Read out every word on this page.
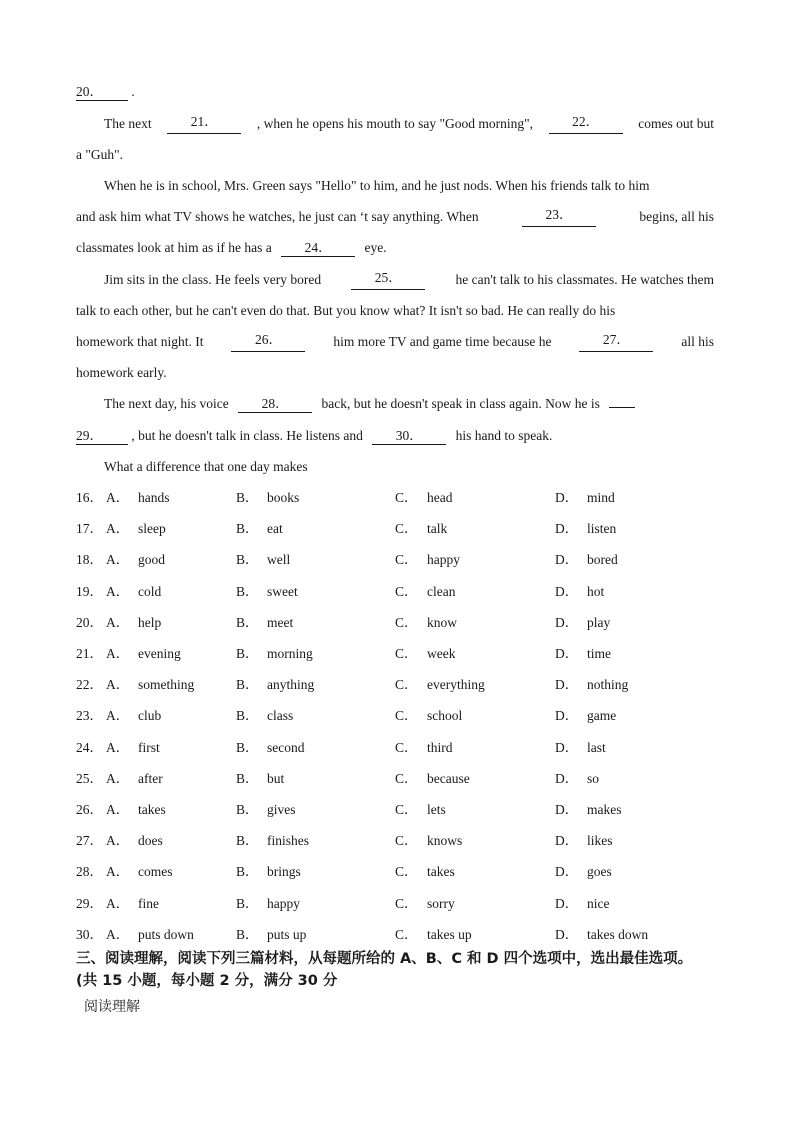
20． .
The next	21．	, when he opens his mouth to say "Good morning",	22．	comes out but
a "Guh".
When he is in school, Mrs. Green says "Hello" to him, and he just nods. When his friends talk to him
and ask him what TV shows he watches, he just can ‘t say anything. When	23．	begins, all his
classmates look at him as if he has a 24． eye.
Jim sits in the class. He feels very bored	25．	he can't talk to his classmates. He watches them
talk to each other, but he can't even do that. But you know what? It isn't so bad. He can really do his
homework that night. It	26．	him more TV and game time because he	27．	all his
homework early.
The next day, his voice 28． back, but he doesn't speak in class again. Now he is
29． , but he doesn't talk in class. He listens and 30． his hand to speak.
What a difference that one day makes
16． A． hands	B． books	C． head	D． mind
17． A． sleep	B． eat	C． talk	D． listen
18． A． good	B． well	C． happy	D． bored
19． A． cold	B． sweet	C． clean	D． hot
20． A． help	B． meet	C． know	D． play
21． A． evening	B． morning	C． week	D． time
22． A． something	B． anything	C． everything	D． nothing
23． A． club	B． class	C． school	D． game
24． A． first	B． second	C． third	D． last
25． A． after	B． but	C． because	D． so
26． A． takes	B． gives	C． lets	D． makes
27． A． does	B． finishes	C． knows	D． likes
28． A． comes	B． brings	C． takes	D． goes
29． A． fine	B． happy	C． sorry	D． nice
30． A． puts down	B． puts up	C． takes up	D． takes down
三、阅读理解，阅读下列三篇材料，从每题所给的 A、B、C 和 D 四个选项中，选出最佳选项。
(共 15 小题，每小题 2 分，满分 30 分
阅读理解
